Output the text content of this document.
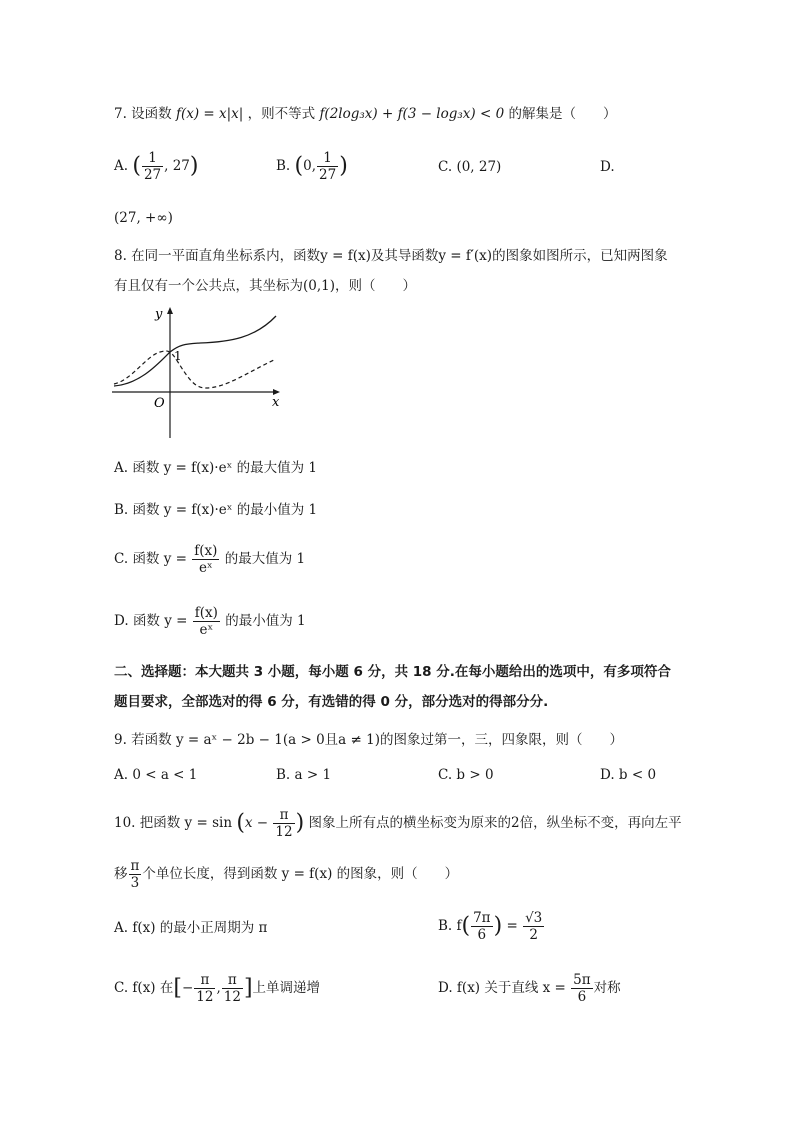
7. 设函数 f(x) = x|x| ，则不等式 f(2log₃x) + f(3 − log₃x) < 0 的解集是（　　）
A. ( $\frac{1}{27}$ , 27)	B. (0, $\frac{1}{27}$ )	C. (0, 27)	D.
(27, +∞)
8. 在同一平面直角坐标系内，函数y = f(x)及其导函数y = f′(x)的图象如图所示，已知两图象
有且仅有一个公共点，其坐标为(0,1)，则（　　）
y
x
O
1
A. 函数 y = f(x)·eˣ 的最大值为 1
B. 函数 y = f(x)·eˣ 的最小值为 1
C. 函数 $y = \frac{f(x)}{\text{eˣ}}$ 的最大值为 1
D. 函数 $y = \frac{f(x)}{\text{eˣ}}$ 的最小值为 1
二、选择题：本大题共 3 小题，每小题 6 分，共 18 分.在每小题给出的选项中，有多项符合
题目要求，全部选对的得 6 分，有选错的得 0 分，部分选对的得部分分.
9. 若函数 y = aˣ − 2b − 1(a > 0且a ≠ 1)的图象过第一，三，四象限，则（　　）
A. 0 < a < 1	B. a > 1	C. b > 0	D. b < 0
10. 把函数 $y = \sin (x - \frac{\pi}{12}$ ) 图象上所有点的横坐标变为原来的2倍，纵坐标不变，再向左平
移 $\frac{\pi}{3}$ 个单位长度，得到函数 y = f(x) 的图象，则（　　）
A. f(x) 的最小正周期为 π	B. $f( \frac{7\pi}{6}$ ) = $\frac{√3}{2}$
C. f(x) 在[− $\frac{\pi}{12}$ , $\frac{\pi}{12}$ ]上单调递增	D. f(x) 关于直线 $x = \frac{5\pi}{6}$ 对称
